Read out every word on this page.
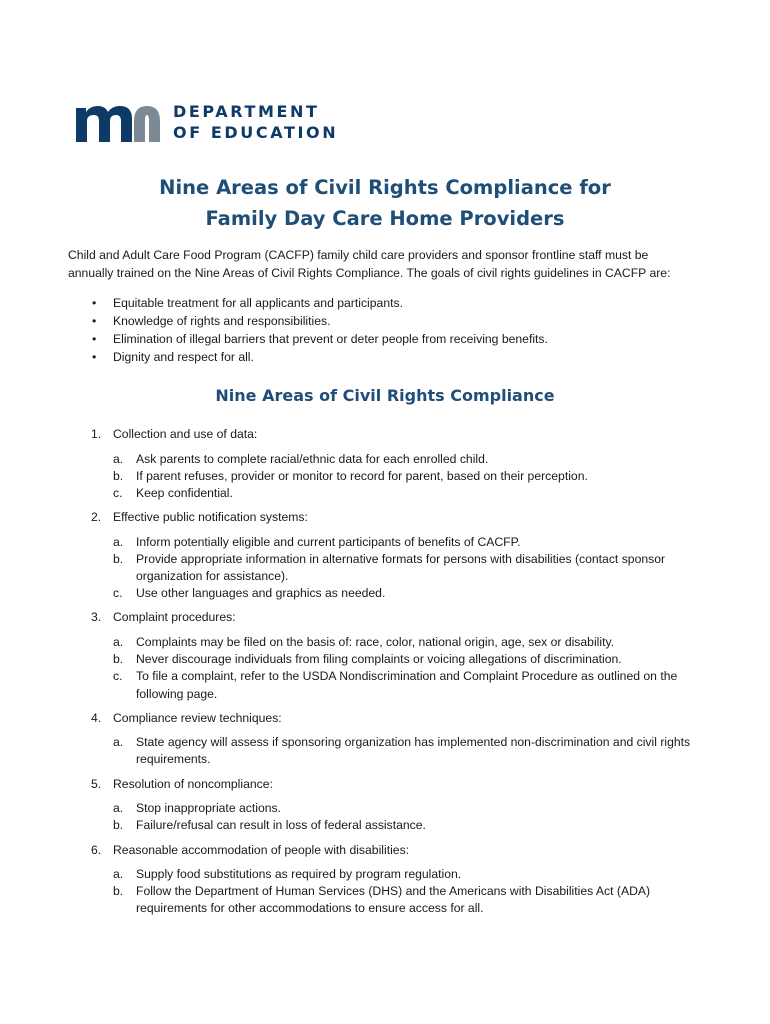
DEPARTMENT
OF EDUCATION
Nine Areas of Civil Rights Compliance for
Family Day Care Home Providers
Child and Adult Care Food Program (CACFP) family child care providers and sponsor frontline staff must be
annually trained on the Nine Areas of Civil Rights Compliance. The goals of civil rights guidelines in CACFP are:
• Equitable treatment for all applicants and participants.
• Knowledge of rights and responsibilities.
• Elimination of illegal barriers that prevent or deter people from receiving benefits.
• Dignity and respect for all.
Nine Areas of Civil Rights Compliance
1. Collection and use of data:
a.	Ask parents to complete racial/ethnic data for each enrolled child.
b.	If parent refuses, provider or monitor to record for parent, based on their perception.
c.	Keep confidential.
2. Effective public notification systems:
a.	Inform potentially eligible and current participants of benefits of CACFP.
b.	Provide appropriate information in alternative formats for persons with disabilities (contact sponsor organization for assistance).
c.	Use other languages and graphics as needed.
3. Complaint procedures:
a.	Complaints may be filed on the basis of: race, color, national origin, age, sex or disability.
b.	Never discourage individuals from filing complaints or voicing allegations of discrimination.
c.	To file a complaint, refer to the USDA Nondiscrimination and Complaint Procedure as outlined on the following page.
4. Compliance review techniques:
a.	State agency will assess if sponsoring organization has implemented non-discrimination and civil rights requirements.
5. Resolution of noncompliance:
a.	Stop inappropriate actions.
b.	Failure/refusal can result in loss of federal assistance.
6. Reasonable accommodation of people with disabilities:
a.	Supply food substitutions as required by program regulation.
b.	Follow the Department of Human Services (DHS) and the Americans with Disabilities Act (ADA) requirements for other accommodations to ensure access for all.
